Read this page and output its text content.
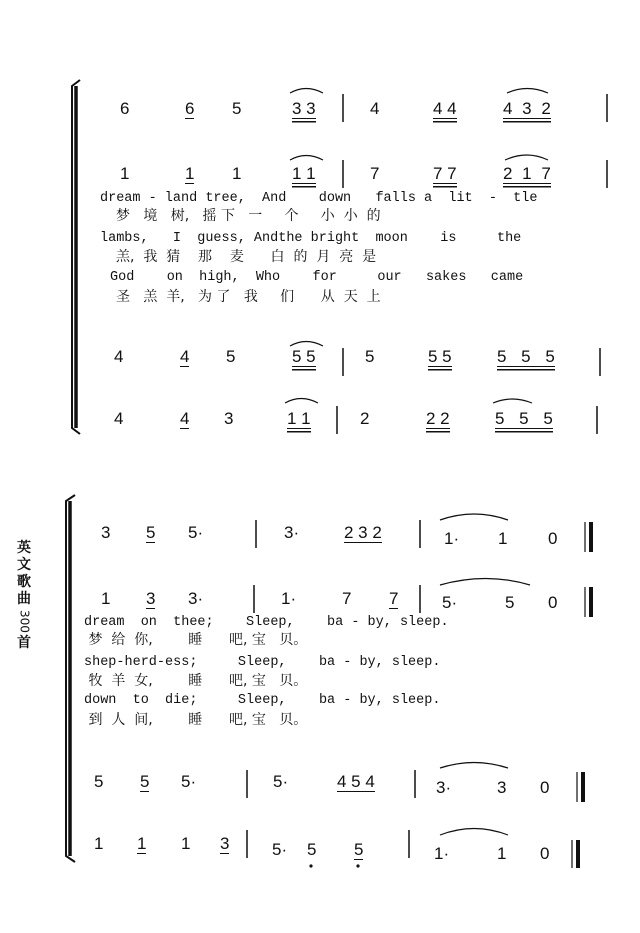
英
文
歌
曲
300
首
6	6 5	3 3	4	4 4	4 3 2
1	1 1	1 1	7	7 7	2 1 7
dream - land tree,  And    down   falls a  lit  -  tle
梦   境   树,   摇 下   一     个     小  小  的
lambs,   I  guess, Andthe bright  moon    is     the
羔,  我  猜    那    麦      白  的  月  亮  是
God    on  high,  Who    for     our   sakes   came
圣   羔  羊,   为 了   我     们      从  天  上
4	4 5	5 5	5	5 5	5 5 5
4	4 3	1 1	2	2 2	5 5 5
3 5 5·	3·	2 3 2	1· 1 0
1 3 3·	1·	7 7	5·	5 0
dream  on  thee;    Sleep,    ba - by, sleep.
梦  给  你,        睡      吧, 宝   贝。
shep-herd-ess;     Sleep,    ba - by, sleep.
牧  羊  女,        睡      吧, 宝   贝。
down  to  die;     Sleep,    ba - by, sleep.
到  人  间,        睡      吧, 宝   贝。
5 5 5·	5·	4 5 4	3·	3 0
1 1 1 3	5· 5 5	1·	1 0
